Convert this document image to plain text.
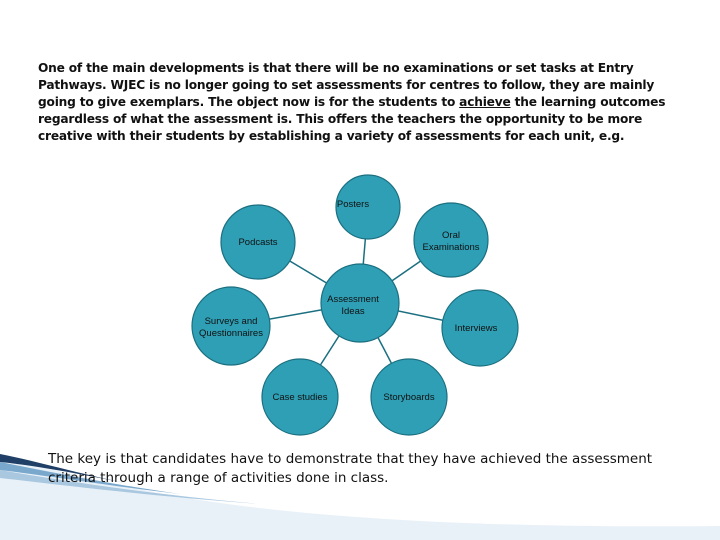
One of the main developments is that there will be no examinations or set tasks at Entry Pathways. WJEC is no longer going to set assessments for centres to follow, they are mainly going to give exemplars. The object now is for the students to achieve the learning outcomes regardless of what the assessment is. This offers the teachers the opportunity to be more creative with their students by establishing a variety of assessments for each unit, e.g.
Posters
Oral
Examinations
Interviews
Storyboards
Case studies
Surveys and
Questionnaires
Podcasts
Assessment
Ideas
The key is that candidates have to demonstrate that they have achieved the assessment criteria through a range of activities done in class.
